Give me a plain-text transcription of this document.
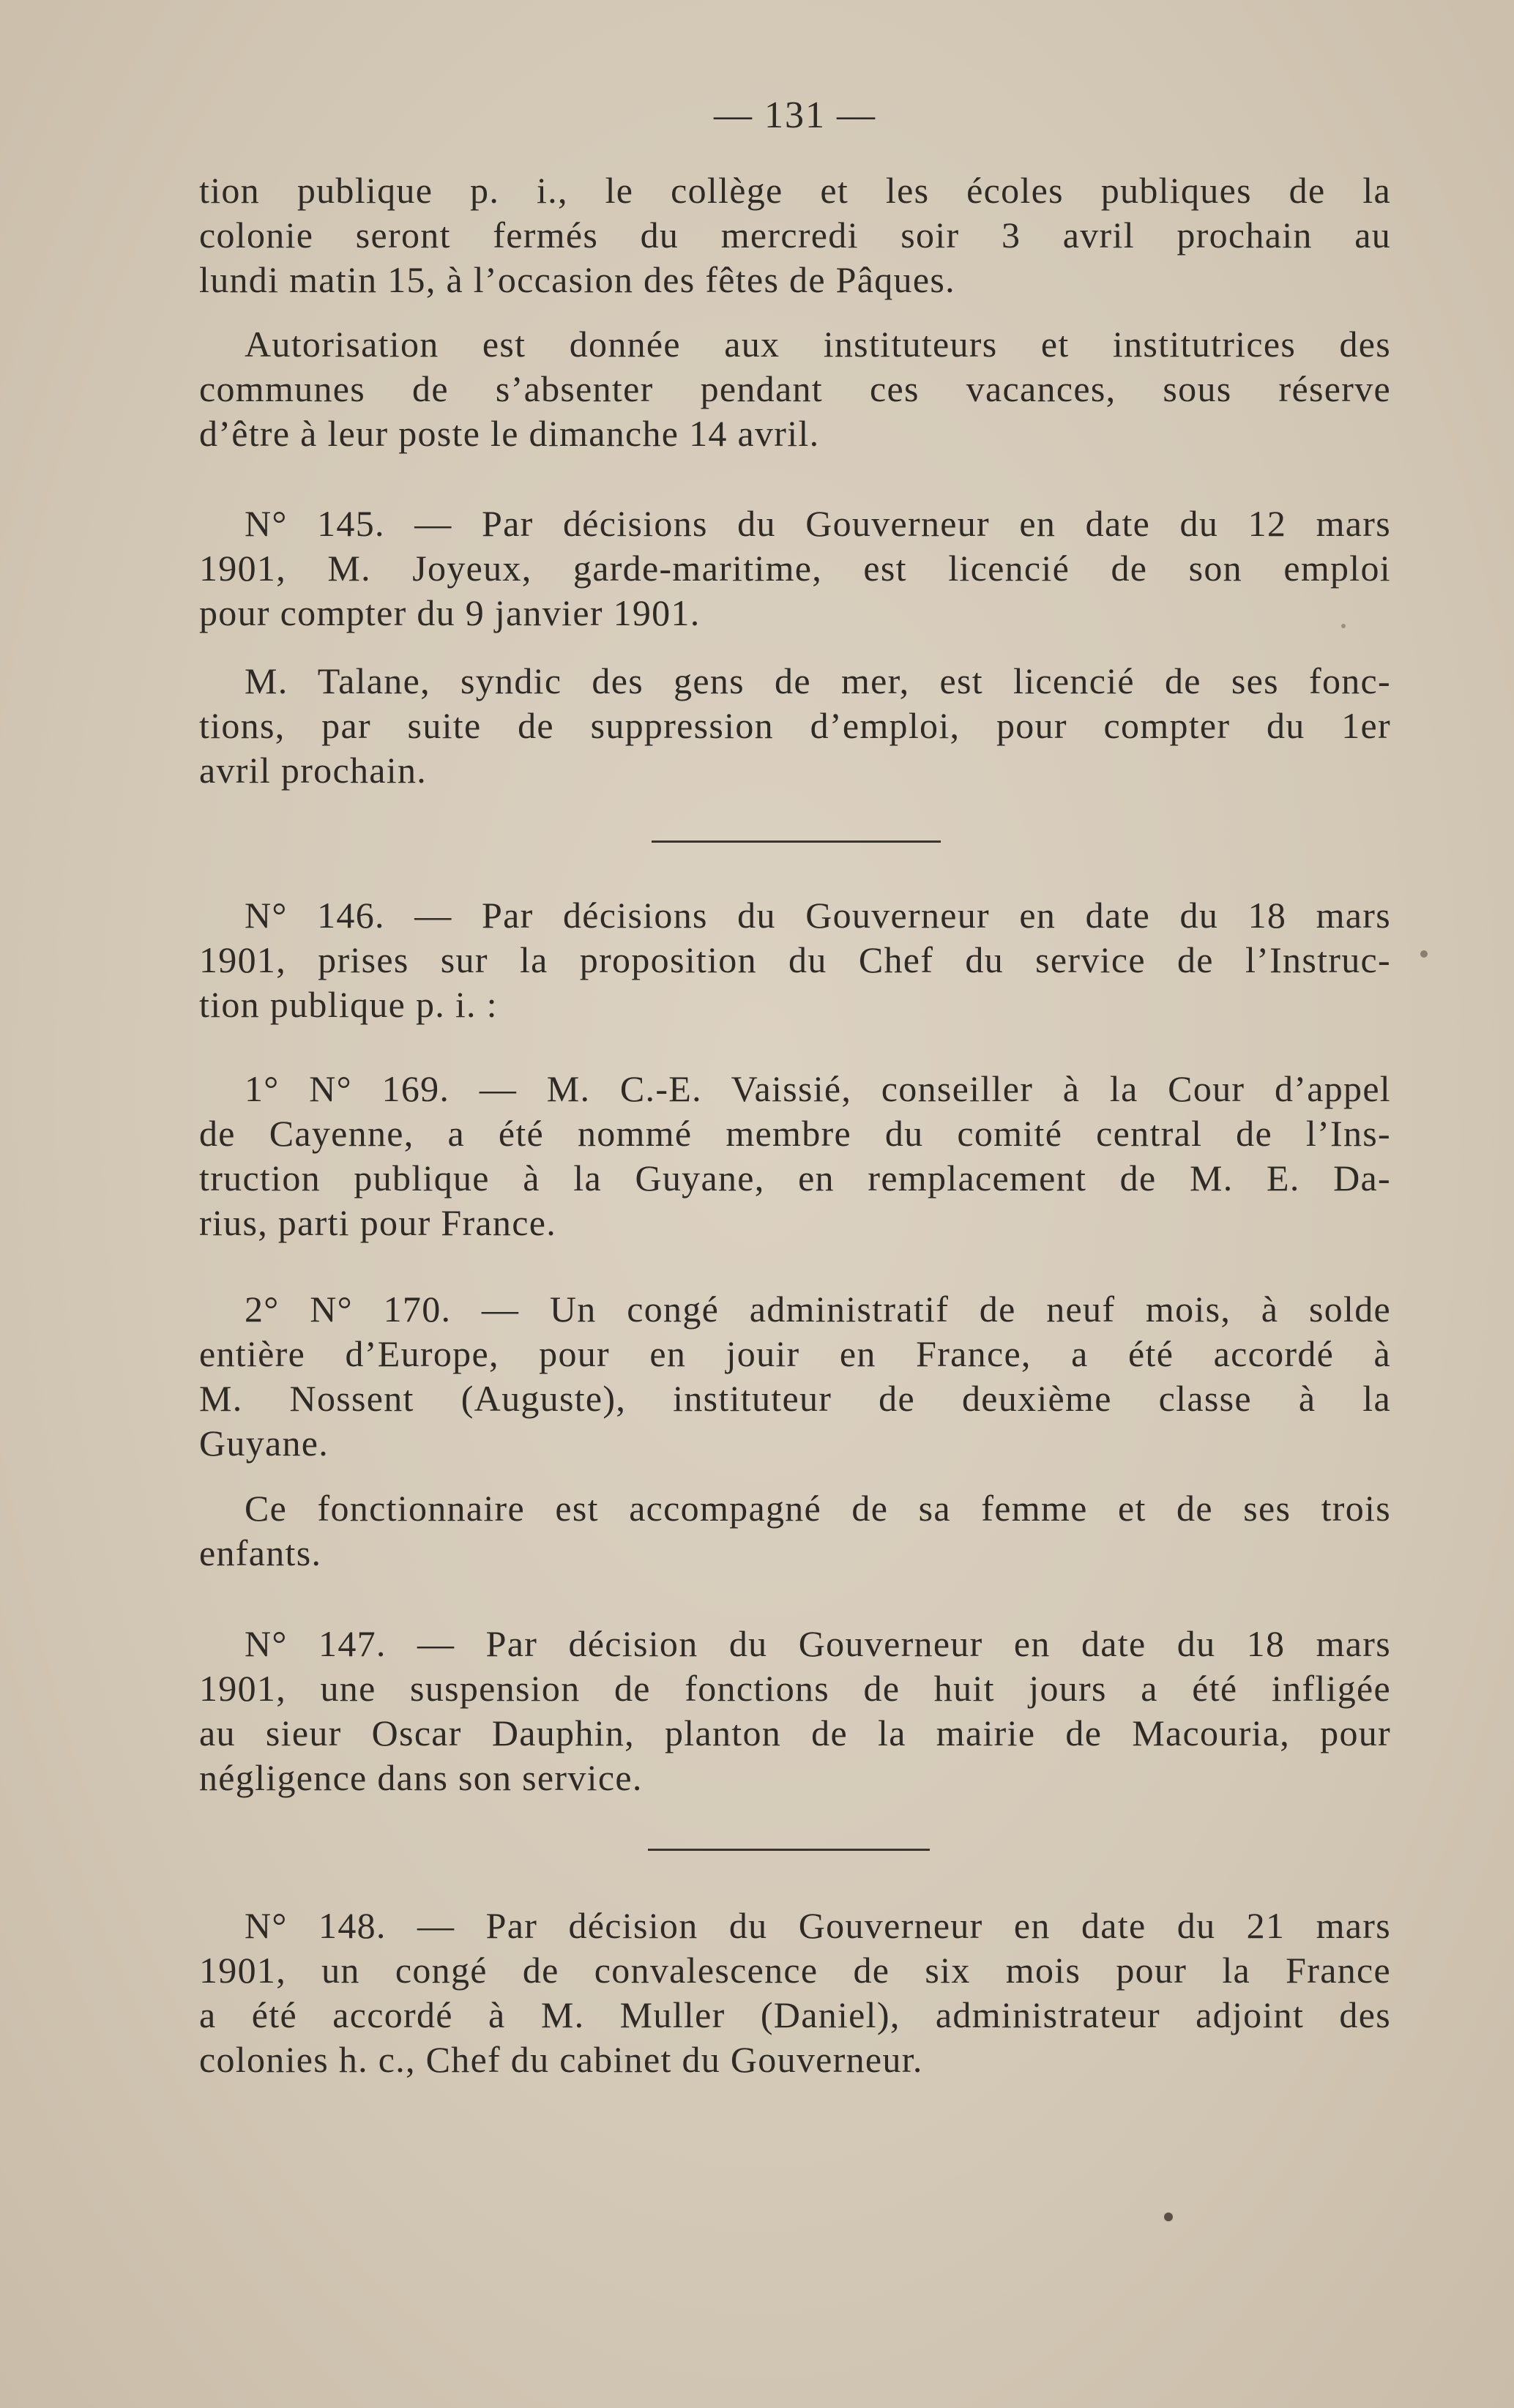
— 131 —

tion publique p. i., le collège et les écoles publiques de la
colonie seront fermés du mercredi soir 3 avril prochain au
lundi matin 15, à l’occasion des fêtes de Pâques.

Autorisation est donnée aux instituteurs et institutrices des
communes de s’absenter pendant ces vacances, sous réserve
d’être à leur poste le dimanche 14 avril.

N° 145. — Par décisions du Gouverneur en date du 12 mars
1901, M. Joyeux, garde-maritime, est licencié de son emploi
pour compter du 9 janvier 1901.

M. Talane, syndic des gens de mer, est licencié de ses fonc-
tions, par suite de suppression d’emploi, pour compter du 1er
avril prochain.

N° 146. — Par décisions du Gouverneur en date du 18 mars
1901, prises sur la proposition du Chef du service de l’Instruc-
tion publique p. i. :

1° N° 169. — M. C.-E. Vaissié, conseiller à la Cour d’appel
de Cayenne, a été nommé membre du comité central de l’Ins-
truction publique à la Guyane, en remplacement de M. E. Da-
rius, parti pour France.

2° N° 170. — Un congé administratif de neuf mois, à solde
entière d’Europe, pour en jouir en France, a été accordé à
M. Nossent (Auguste), instituteur de deuxième classe à la
Guyane.

Ce fonctionnaire est accompagné de sa femme et de ses trois
enfants.

N° 147. — Par décision du Gouverneur en date du 18 mars
1901, une suspension de fonctions de huit jours a été infligée
au sieur Oscar Dauphin, planton de la mairie de Macouria, pour
négligence dans son service.

N° 148. — Par décision du Gouverneur en date du 21 mars
1901, un congé de convalescence de six mois pour la France
a été accordé à M. Muller (Daniel), administrateur adjoint des
colonies h. c., Chef du cabinet du Gouverneur.
